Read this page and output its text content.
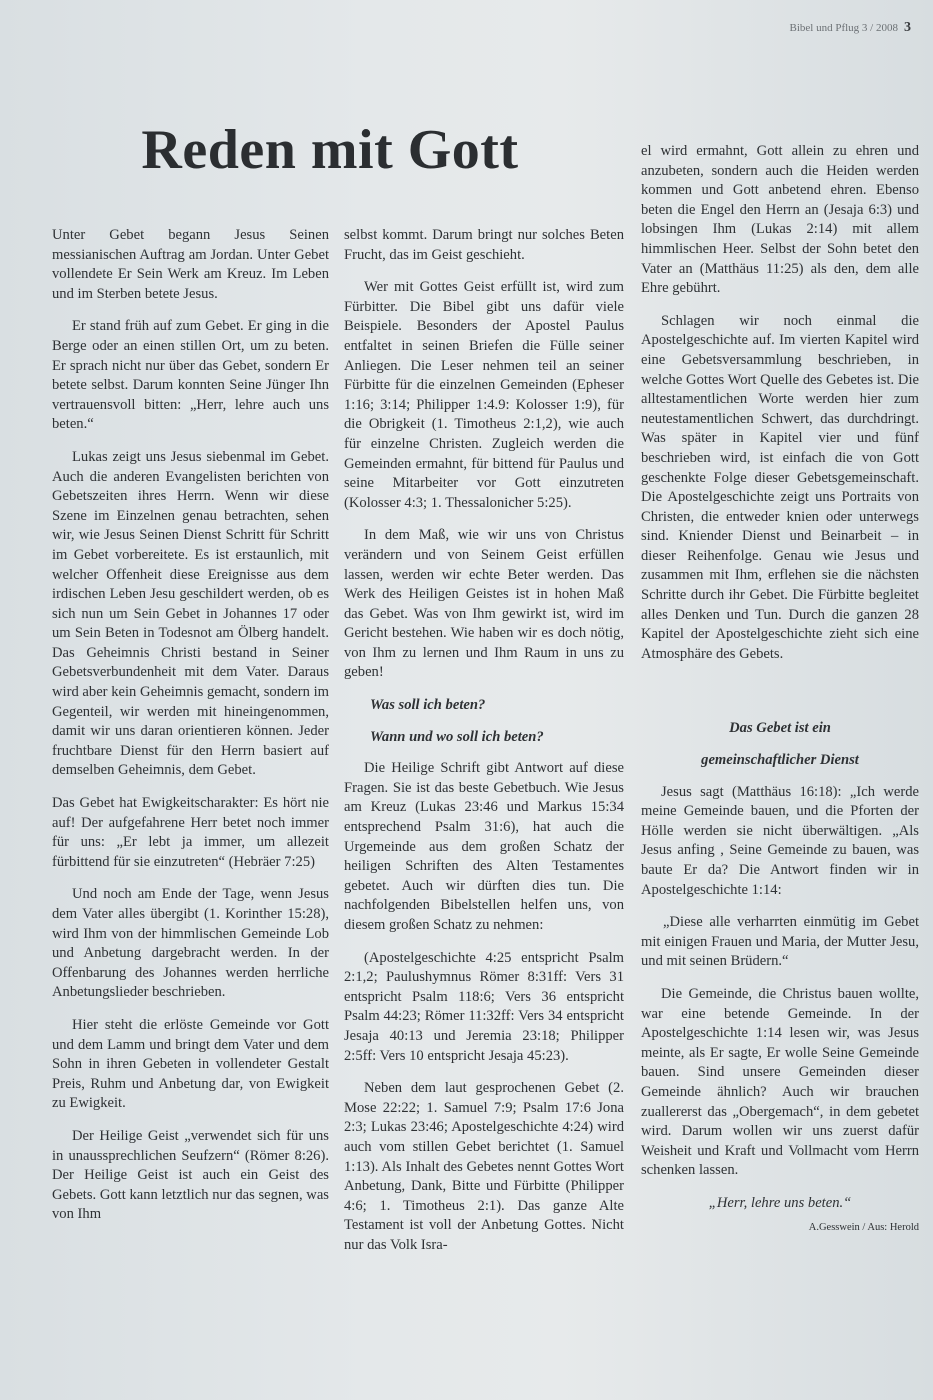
Bibel und Pflug 3 / 2008 3
Reden mit Gott

Unter Gebet begann Jesus Seinen messianischen Auftrag am Jordan. Unter Gebet vollendete Er Sein Werk am Kreuz. Im Leben und im Sterben betete Jesus.

Er stand früh auf zum Gebet. Er ging in die Berge oder an einen stillen Ort, um zu beten. Er sprach nicht nur über das Gebet, sondern Er betete selbst. Darum konnten Seine Jünger Ihn vertrauensvoll bitten: „Herr, lehre auch uns beten.“

Lukas zeigt uns Jesus siebenmal im Gebet. Auch die anderen Evangelisten berichten von Gebetszeiten ihres Herrn. Wenn wir diese Szene im Einzelnen genau betrachten, sehen wir, wie Jesus Seinen Dienst Schritt für Schritt im Gebet vorbereitete. Es ist erstaunlich, mit welcher Offenheit diese Ereignisse aus dem irdischen Leben Jesu geschildert werden, ob es sich nun um Sein Gebet in Johannes 17 oder um Sein Beten in Todesnot am Ölberg handelt. Das Geheimnis Christi bestand in Seiner Gebetsverbundenheit mit dem Vater. Daraus wird aber kein Geheimnis gemacht, sondern im Gegenteil, wir werden mit hineingenommen, damit wir uns daran orientieren können. Jeder fruchtbare Dienst für den Herrn basiert auf demselben Geheimnis, dem Gebet.

Das Gebet hat Ewigkeitscharakter: Es hört nie auf! Der aufgefahrene Herr betet noch immer für uns: „Er lebt ja immer, um allezeit fürbittend für sie einzutreten“ (Hebräer 7:25)

Und noch am Ende der Tage, wenn Jesus dem Vater alles übergibt (1. Korinther 15:28), wird Ihm von der himmlischen Gemeinde Lob und Anbetung dargebracht werden. In der Offenbarung des Johannes werden herrliche Anbetungslieder beschrieben.

Hier steht die erlöste Gemeinde vor Gott und dem Lamm und bringt dem Vater und dem Sohn in ihren Gebeten in vollendeter Gestalt Preis, Ruhm und Anbetung dar, von Ewigkeit zu Ewigkeit.

Der Heilige Geist „verwendet sich für uns in unaussprechlichen Seufzern“ (Römer 8:26). Der Heilige Geist ist auch ein Geist des Gebets. Gott kann letztlich nur das segnen, was von Ihm

selbst kommt. Darum bringt nur solches Beten Frucht, das im Geist geschieht.

Wer mit Gottes Geist erfüllt ist, wird zum Fürbitter. Die Bibel gibt uns dafür viele Beispiele. Besonders der Apostel Paulus entfaltet in seinen Briefen die Fülle seiner Anliegen. Die Leser nehmen teil an seiner Fürbitte für die einzelnen Gemeinden (Epheser 1:16; 3:14; Philipper 1:4.9: Kolosser 1:9), für die Obrigkeit (1. Timotheus 2:1,2), wie auch für einzelne Christen. Zugleich werden die Gemeinden ermahnt, für bittend für Paulus und seine Mitarbeiter vor Gott einzutreten (Kolosser 4:3; 1. Thessalonicher 5:25).

In dem Maß, wie wir uns von Christus verändern und von Seinem Geist erfüllen lassen, werden wir echte Beter werden. Das Werk des Heiligen Geistes ist in hohen Maß das Gebet. Was von Ihm gewirkt ist, wird im Gericht bestehen. Wie haben wir es doch nötig, von Ihm zu lernen und Ihm Raum in uns zu geben!

Was soll ich beten?
Wann und wo soll ich beten?

Die Heilige Schrift gibt Antwort auf diese Fragen. Sie ist das beste Gebetbuch. Wie Jesus am Kreuz (Lukas 23:46 und Markus 15:34 entsprechend Psalm 31:6), hat auch die Urgemeinde aus dem großen Schatz der heiligen Schriften des Alten Testamentes gebetet. Auch wir dürften dies tun. Die nachfolgenden Bibelstellen helfen uns, von diesem großen Schatz zu nehmen:

(Apostelgeschichte 4:25 entspricht Psalm 2:1,2; Paulushymnus Römer 8:31ff: Vers 31 entspricht Psalm 118:6; Vers 36 entspricht Psalm 44:23; Römer 11:32ff: Vers 34 entspricht Jesaja 40:13 und Jeremia 23:18; Philipper 2:5ff: Vers 10 entspricht Jesaja 45:23).

Neben dem laut gesprochenen Gebet (2. Mose 22:22; 1. Samuel 7:9; Psalm 17:6 Jona 2:3; Lukas 23:46; Apostelgeschichte 4:24) wird auch vom stillen Gebet berichtet (1. Samuel 1:13). Als Inhalt des Gebetes nennt Gottes Wort Anbetung, Dank, Bitte und Fürbitte (Philipper 4:6; 1. Timotheus 2:1). Das ganze Alte Testament ist voll der Anbetung Gottes. Nicht nur das Volk Isra-

el wird ermahnt, Gott allein zu ehren und anzubeten, sondern auch die Heiden werden kommen und Gott anbetend ehren. Ebenso beten die Engel den Herrn an (Jesaja 6:3) und lobsingen Ihm (Lukas 2:14) mit allem himmlischen Heer. Selbst der Sohn betet den Vater an (Matthäus 11:25) als den, dem alle Ehre gebührt.

Schlagen wir noch einmal die Apostelgeschichte auf. Im vierten Kapitel wird eine Gebetsversammlung beschrieben, in welche Gottes Wort Quelle des Gebetes ist. Die alltestamentlichen Worte werden hier zum neutestamentlichen Schwert, das durchdringt. Was später in Kapitel vier und fünf beschrieben wird, ist einfach die von Gott geschenkte Folge dieser Gebetsgemeinschaft. Die Apostelgeschichte zeigt uns Portraits von Christen, die entweder knien oder unterwegs sind. Kniender Dienst und Beinarbeit – in dieser Reihenfolge. Genau wie Jesus und zusammen mit Ihm, erflehen sie die nächsten Schritte durch ihr Gebet. Die Fürbitte begleitet alles Denken und Tun. Durch die ganzen 28 Kapitel der Apostelgeschichte zieht sich eine Atmosphäre des Gebets.

Das Gebet ist ein
gemeinschaftlicher Dienst

Jesus sagt (Matthäus 16:18): „Ich werde meine Gemeinde bauen, und die Pforten der Hölle werden sie nicht überwältigen. „Als Jesus anfing , Seine Gemeinde zu bauen, was baute Er da? Die Antwort finden wir in Apostelgeschichte 1:14:

„Diese alle verharrten einmütig im Gebet mit einigen Frauen und Maria, der Mutter Jesu, und mit seinen Brüdern.“

Die Gemeinde, die Christus bauen wollte, war eine betende Gemeinde. In der Apostelgeschichte 1:14 lesen wir, was Jesus meinte, als Er sagte, Er wolle Seine Gemeinde bauen. Sind unsere Gemeinden dieser Gemeinde ähnlich? Auch wir brauchen zuallererst das „Obergemach“, in dem gebetet wird. Darum wollen wir uns zuerst dafür Weisheit und Kraft und Vollmacht vom Herrn schenken lassen.

„Herr, lehre uns beten.“

A.Gesswein / Aus: Herold
